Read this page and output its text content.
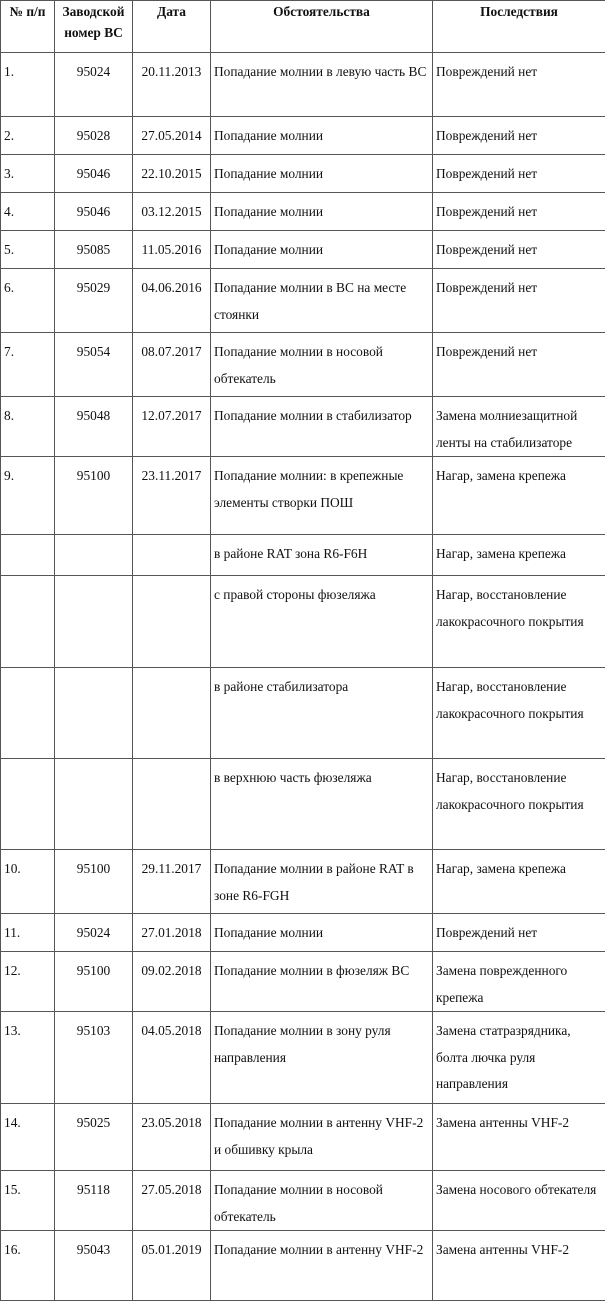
№ п/п	Заводской номер ВС	Дата	Обстоятельства	Последствия
1.	95024	20.11.2013	Попадание молнии в левую часть ВС	Повреждений нет
2.	95028	27.05.2014	Попадание молнии	Повреждений нет
3.	95046	22.10.2015	Попадание молнии	Повреждений нет
4.	95046	03.12.2015	Попадание молнии	Повреждений нет
5.	95085	11.05.2016	Попадание молнии	Повреждений нет
6.	95029	04.06.2016	Попадание молнии в ВС на месте стоянки	Повреждений нет
7.	95054	08.07.2017	Попадание молнии в носовой обтекатель	Повреждений нет
8.	95048	12.07.2017	Попадание молнии в стабилизатор	Замена молниезащитной ленты на стабилизаторе
9.	95100	23.11.2017	Попадание молнии: в крепежные элементы створки ПОШ	Нагар, замена крепежа
			в районе RAT зона R6-F6H	Нагар, замена крепежа
			с правой стороны фюзеляжа	Нагар, восстановление лакокрасочного покрытия
			в районе стабилизатора	Нагар, восстановление лакокрасочного покрытия
			в верхнюю часть фюзеляжа	Нагар, восстановление лакокрасочного покрытия
10.	95100	29.11.2017	Попадание молнии в районе RAT в зоне R6-FGH	Нагар, замена крепежа
11.	95024	27.01.2018	Попадание молнии	Повреждений нет
12.	95100	09.02.2018	Попадание молнии в фюзеляж ВС	Замена поврежденного крепежа
13.	95103	04.05.2018	Попадание молнии в зону руля направления	Замена статразрядника, болта лючка руля направления
14.	95025	23.05.2018	Попадание молнии в антенну VHF-2 и обшивку крыла	Замена антенны VHF-2
15.	95118	27.05.2018	Попадание молнии в носовой обтекатель	Замена носового обтекателя
16.	95043	05.01.2019	Попадание молнии в антенну VHF-2	Замена антенны VHF-2
